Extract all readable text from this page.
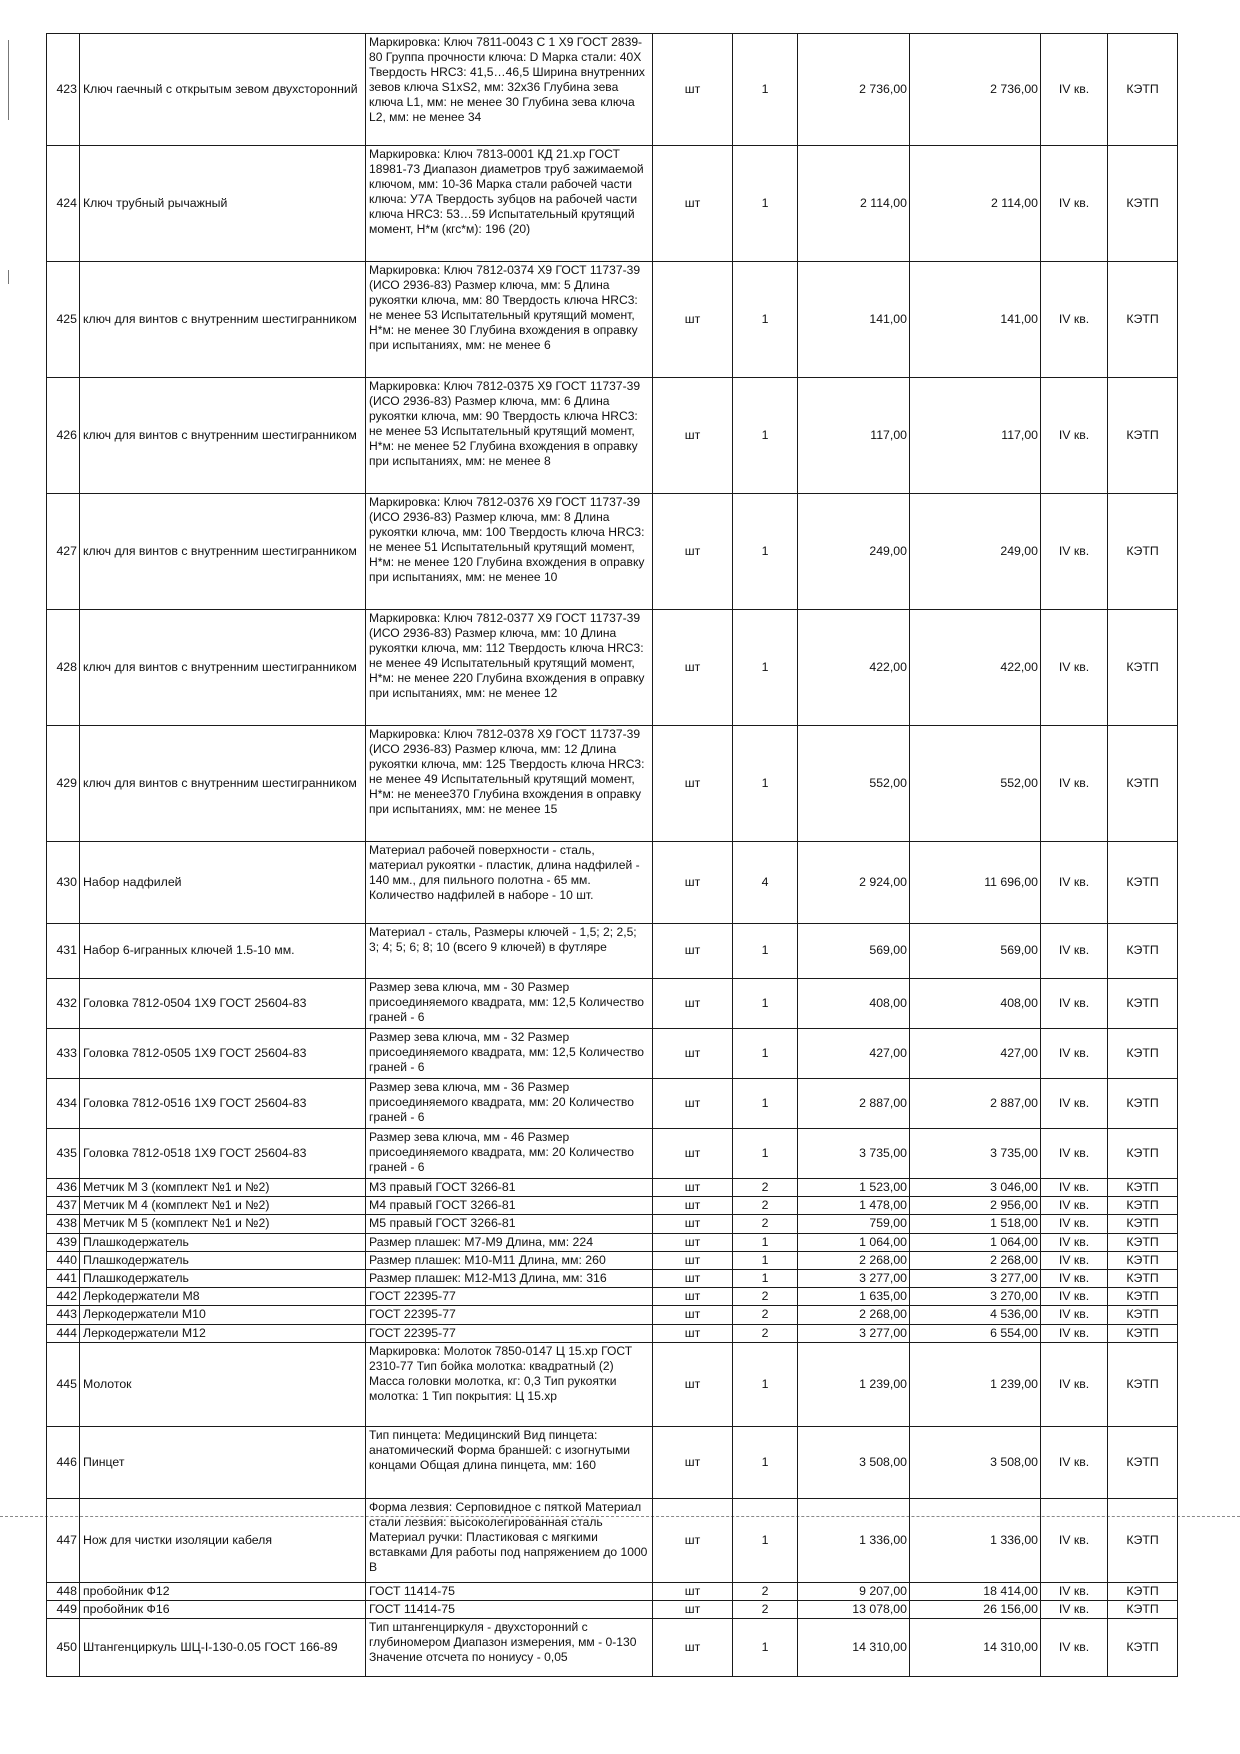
423	Ключ гаечный с открытым зевом двухсторонний	Маркировка: Ключ 7811-0043 С 1 Х9 ГОСТ 2839-80 Группа прочности ключа: D Марка стали: 40Х Твердость HRC3: 41,5…46,5 Ширина внутренних зевов ключа S1xS2, мм: 32х36 Глубина зева ключа L1, мм: не менее 30 Глубина зева ключа L2, мм: не менее 34	шт	1	2 736,00	2 736,00	IV кв.	КЭТП
424	Ключ трубный рычажный	Маркировка: Ключ 7813-0001 КД 21.хр ГОСТ 18981-73 Диапазон диаметров труб зажимаемой ключом, мм: 10-36 Марка стали рабочей части ключа: У7А Твердость зубцов на рабочей части ключа HRC3: 53…59 Испытательный крутящий момент, Н*м (кгс*м): 196 (20)	шт	1	2 114,00	2 114,00	IV кв.	КЭТП
425	ключ для винтов с внутренним шестигранником	Маркировка: Ключ 7812-0374 Х9 ГОСТ 11737-39 (ИСО 2936-83) Размер ключа, мм: 5 Длина рукоятки ключа, мм: 80 Твердость ключа HRC3: не менее 53 Испытательный крутящий момент, Н*м: не менее 30 Глубина вхождения в оправку при испытаниях, мм: не менее 6	шт	1	141,00	141,00	IV кв.	КЭТП
426	ключ для винтов с внутренним шестигранником	Маркировка: Ключ 7812-0375 Х9 ГОСТ 11737-39 (ИСО 2936-83) Размер ключа, мм: 6 Длина рукоятки ключа, мм: 90 Твердость ключа HRC3: не менее 53 Испытательный крутящий момент, Н*м: не менее 52 Глубина вхождения в оправку при испытаниях, мм: не менее 8	шт	1	117,00	117,00	IV кв.	КЭТП
427	ключ для винтов с внутренним шестигранником	Маркировка: Ключ 7812-0376 Х9 ГОСТ 11737-39 (ИСО 2936-83) Размер ключа, мм: 8 Длина рукоятки ключа, мм: 100 Твердость ключа HRC3: не менее 51 Испытательный крутящий момент, Н*м: не менее 120 Глубина вхождения в оправку при испытаниях, мм: не менее 10	шт	1	249,00	249,00	IV кв.	КЭТП
428	ключ для винтов с внутренним шестигранником	Маркировка: Ключ 7812-0377 Х9 ГОСТ 11737-39 (ИСО 2936-83) Размер ключа, мм: 10 Длина рукоятки ключа, мм: 112 Твердость ключа HRC3: не менее 49 Испытательный крутящий момент, Н*м: не менее 220 Глубина вхождения в оправку при испытаниях, мм: не менее 12	шт	1	422,00	422,00	IV кв.	КЭТП
429	ключ для винтов с внутренним шестигранником	Маркировка: Ключ 7812-0378 Х9 ГОСТ 11737-39 (ИСО 2936-83) Размер ключа, мм: 12 Длина рукоятки ключа, мм: 125 Твердость ключа HRC3: не менее 49 Испытательный крутящий момент, Н*м: не менее370 Глубина вхождения в оправку при испытаниях, мм: не менее 15	шт	1	552,00	552,00	IV кв.	КЭТП
430	Набор надфилей	Материал рабочей поверхности - сталь, материал рукоятки - пластик, длина надфилей - 140 мм., для пильного полотна - 65 мм. Количество надфилей в наборе - 10 шт.	шт	4	2 924,00	11 696,00	IV кв.	КЭТП
431	Набор 6-игранных ключей 1.5-10 мм.	Материал - сталь, Размеры ключей - 1,5; 2; 2,5; 3; 4; 5; 6; 8; 10 (всего 9 ключей) в футляре	шт	1	569,00	569,00	IV кв.	КЭТП
432	Головка 7812-0504 1Х9 ГОСТ 25604-83	Размер зева ключа, мм - 30 Размер присоединяемого квадрата, мм: 12,5 Количество граней - 6	шт	1	408,00	408,00	IV кв.	КЭТП
433	Головка 7812-0505 1Х9 ГОСТ 25604-83	Размер зева ключа, мм - 32 Размер присоединяемого квадрата, мм: 12,5 Количество граней - 6	шт	1	427,00	427,00	IV кв.	КЭТП
434	Головка 7812-0516 1Х9 ГОСТ 25604-83	Размер зева ключа, мм - 36 Размер присоединяемого квадрата, мм: 20 Количество граней - 6	шт	1	2 887,00	2 887,00	IV кв.	КЭТП
435	Головка 7812-0518 1Х9 ГОСТ 25604-83	Размер зева ключа, мм - 46 Размер присоединяемого квадрата, мм: 20 Количество граней - 6	шт	1	3 735,00	3 735,00	IV кв.	КЭТП
436	Метчик М 3 (комплект №1 и №2)	М3 правый ГОСТ 3266-81	шт	2	1 523,00	3 046,00	IV кв.	КЭТП
437	Метчик М 4 (комплект №1 и №2)	М4 правый ГОСТ 3266-81	шт	2	1 478,00	2 956,00	IV кв.	КЭТП
438	Метчик М 5 (комплект №1 и №2)	М5 правый ГОСТ 3266-81	шт	2	759,00	1 518,00	IV кв.	КЭТП
439	Плашкодержатель	Размер плашек: М7-М9 Длина, мм: 224	шт	1	1 064,00	1 064,00	IV кв.	КЭТП
440	Плашкодержатель	Размер плашек: М10-М11 Длина, мм: 260	шт	1	2 268,00	2 268,00	IV кв.	КЭТП
441	Плашкодержатель	Размер плашек: М12-М13 Длина, мм: 316	шт	1	3 277,00	3 277,00	IV кв.	КЭТП
442	Лерkодержатели М8	ГОСТ 22395-77	шт	2	1 635,00	3 270,00	IV кв.	КЭТП
443	Леркодержатели М10	ГОСТ 22395-77	шт	2	2 268,00	4 536,00	IV кв.	КЭТП
444	Леркодержатели М12	ГОСТ 22395-77	шт	2	3 277,00	6 554,00	IV кв.	КЭТП
445	Молоток	Маркировка: Молоток 7850-0147 Ц 15.хр ГОСТ 2310-77 Тип бойка молотка: квадратный (2) Масса головки молотка, кг: 0,3 Тип рукоятки молотка: 1 Тип покрытия: Ц 15.хр	шт	1	1 239,00	1 239,00	IV кв.	КЭТП
446	Пинцет	Тип пинцета: Медицинский Вид пинцета: анатомический Форма браншей: с изогнутыми концами Общая длина пинцета, мм: 160	шт	1	3 508,00	3 508,00	IV кв.	КЭТП
447	Нож для чистки изоляции кабеля	Форма лезвия: Серповидное с пяткой Материал стали лезвия: высоколегированная сталь Материал ручки: Пластиковая с мягкими вставками Для работы под напряжением до 1000 В	шт	1	1 336,00	1 336,00	IV кв.	КЭТП
448	пробойник Ф12	ГОСТ 11414-75	шт	2	9 207,00	18 414,00	IV кв.	КЭТП
449	пробойник Ф16	ГОСТ 11414-75	шт	2	13 078,00	26 156,00	IV кв.	КЭТП
450	Штангенциркуль ШЦ-I-130-0.05 ГОСТ 166-89	Тип штангенциркуля - двухсторонний с глубиномером Диапазон измерения, мм - 0-130 Значение отсчета по нониусу - 0,05	шт	1	14 310,00	14 310,00	IV кв.	КЭТП
